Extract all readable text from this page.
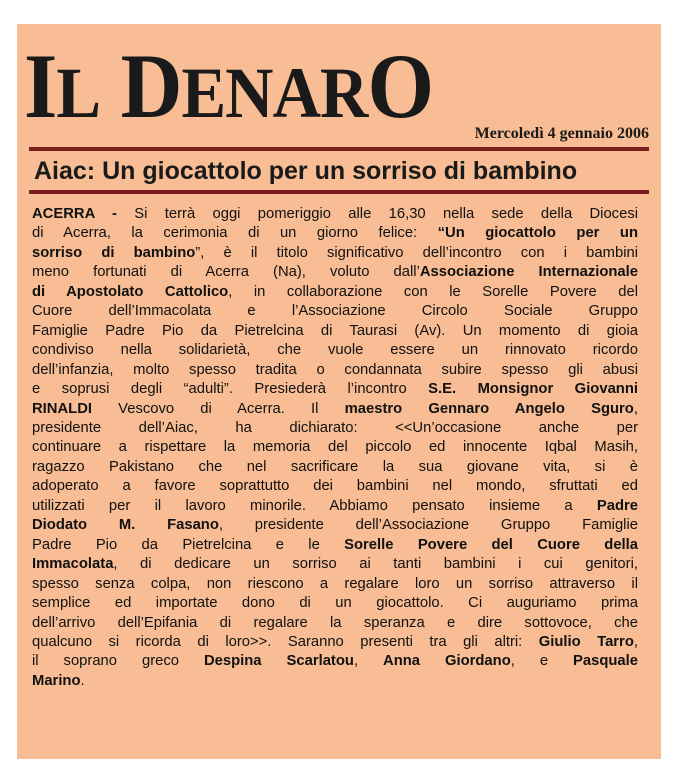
IL DENARO	Mercoledì 4 gennaio 2006
Aiac: Un giocattolo per un sorriso di bambino
ACERRA - Si terrà oggi pomeriggio alle 16,30 nella sede della Diocesi
di Acerra, la cerimonia di un giorno felice: “Un giocattolo per un
sorriso di bambino”, è il titolo significativo dell’incontro con i bambini
meno fortunati di Acerra (Na), voluto dall’Associazione Internazionale
di Apostolato Cattolico, in collaborazione con le Sorelle Povere del
Cuore dell’Immacolata e l’Associazione Circolo Sociale Gruppo
Famiglie Padre Pio da Pietrelcina di Taurasi (Av). Un momento di gioia
condiviso nella solidarietà, che vuole essere un rinnovato ricordo
dell’infanzia, molto spesso tradita o condannata subire spesso gli abusi
e soprusi degli “adulti”. Presiederà l’incontro S.E. Monsignor Giovanni
RINALDI Vescovo di Acerra. Il maestro Gennaro Angelo Sguro,
presidente dell’Aiac, ha dichiarato: <<Un’occasione anche per
continuare a rispettare la memoria del piccolo ed innocente Iqbal Masih,
ragazzo Pakistano che nel sacrificare la sua giovane vita, si è
adoperato a favore soprattutto dei bambini nel mondo, sfruttati ed
utilizzati per il lavoro minorile. Abbiamo pensato insieme a Padre
Diodato M. Fasano, presidente dell’Associazione Gruppo Famiglie
Padre Pio da Pietrelcina e le Sorelle Povere del Cuore della
Immacolata, di dedicare un sorriso ai tanti bambini i cui genitori,
spesso senza colpa, non riescono a regalare loro un sorriso attraverso il
semplice ed importate dono di un giocattolo. Ci auguriamo prima
dell’arrivo dell’Epifania di regalare la speranza e dire sottovoce, che
qualcuno si ricorda di loro>>. Saranno presenti tra gli altri: Giulio Tarro,
il soprano greco Despina Scarlatou, Anna Giordano, e Pasquale
Marino.
